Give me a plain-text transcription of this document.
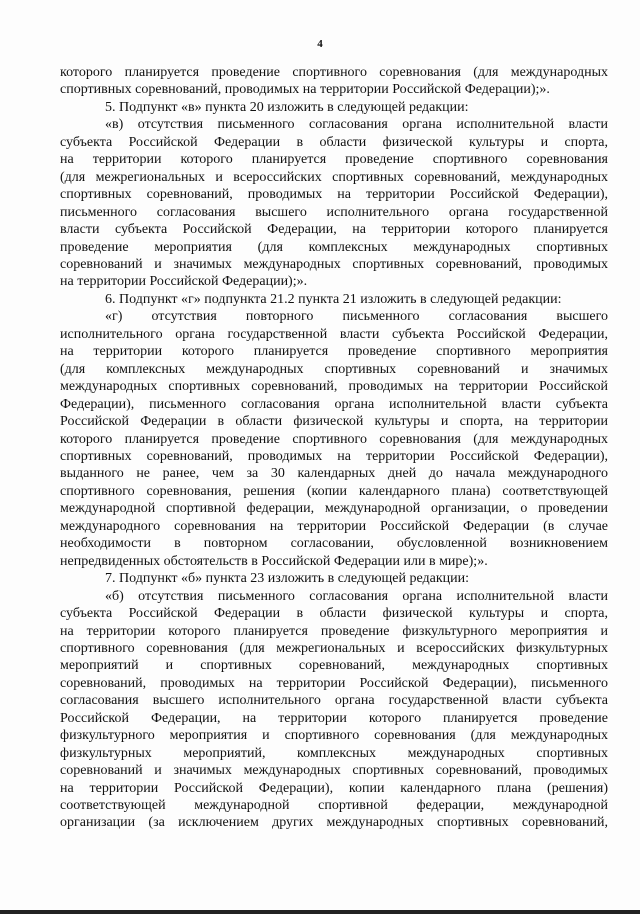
4

которого планируется проведение спортивного соревнования (для международных

спортивных соревнований, проводимых на территории Российской Федерации);».

5. Подпункт «в» пункта 20 изложить в следующей редакции:

«в) отсутствия письменного согласования органа исполнительной власти

субъекта Российской Федерации в области физической культуры и спорта,

на территории которого планируется проведение спортивного соревнования

(для межрегиональных и всероссийских спортивных соревнований, международных

спортивных соревнований, проводимых на территории Российской Федерации),

письменного согласования высшего исполнительного органа государственной

власти субъекта Российской Федерации, на территории которого планируется

проведение мероприятия (для комплексных международных спортивных

соревнований и значимых международных спортивных соревнований, проводимых

на территории Российской Федерации);».

6. Подпункт «г» подпункта 21.2 пункта 21 изложить в следующей редакции:

«г) отсутствия повторного письменного согласования высшего

исполнительного органа государственной власти субъекта Российской Федерации,

на территории которого планируется проведение спортивного мероприятия

(для комплексных международных спортивных соревнований и значимых

международных спортивных соревнований, проводимых на территории Российской

Федерации), письменного согласования органа исполнительной власти субъекта

Российской Федерации в области физической культуры и спорта, на территории

которого планируется проведение спортивного соревнования (для международных

спортивных соревнований, проводимых на территории Российской Федерации),

выданного не ранее, чем за 30 календарных дней до начала международного

спортивного соревнования, решения (копии календарного плана) соответствующей

международной спортивной федерации, международной организации, о проведении

международного соревнования на территории Российской Федерации (в случае

необходимости в повторном согласовании, обусловленной возникновением

непредвиденных обстоятельств в Российской Федерации или в мире);».

7. Подпункт «б» пункта 23 изложить в следующей редакции:

«б) отсутствия письменного согласования органа исполнительной власти

субъекта Российской Федерации в области физической культуры и спорта,

на территории которого планируется проведение физкультурного мероприятия и

спортивного соревнования (для межрегиональных и всероссийских физкультурных

мероприятий и спортивных соревнований, международных спортивных

соревнований, проводимых на территории Российской Федерации), письменного

согласования высшего исполнительного органа государственной власти субъекта

Российской Федерации, на территории которого планируется проведение

физкультурного мероприятия и спортивного соревнования (для международных

физкультурных мероприятий, комплексных международных спортивных

соревнований и значимых международных спортивных соревнований, проводимых

на территории Российской Федерации), копии календарного плана (решения)

соответствующей международной спортивной федерации, международной

организации (за исключением других международных спортивных соревнований,
